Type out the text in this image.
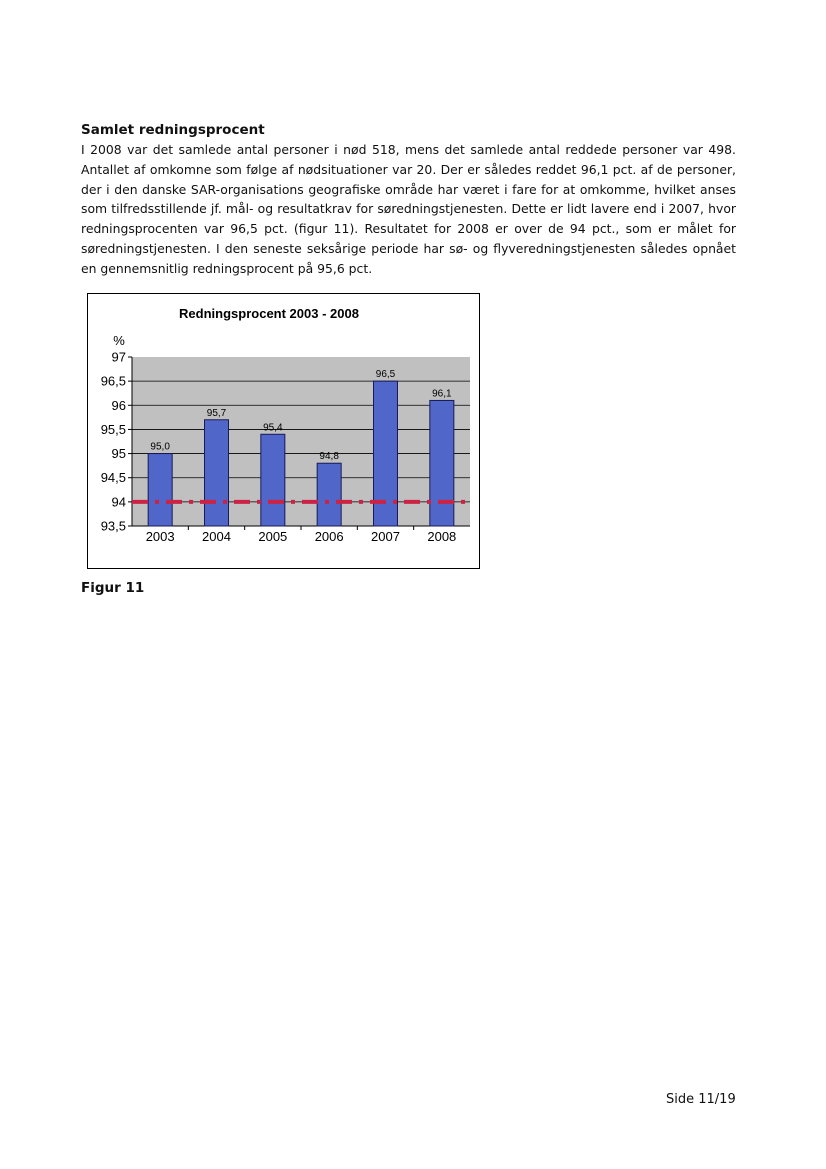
Samlet redningsprocent

I 2008 var det samlede antal personer i nød 518, mens det samlede antal reddede personer var 498. Antallet af omkomne som følge af nødsituationer var 20. Der er således reddet 96,1 pct. af de personer, der i den danske SAR-organisations geografiske område har været i fare for at omkomme, hvilket anses som tilfredsstillende jf. mål- og resultatkrav for søredningstjenesten. Dette er lidt lavere end i 2007, hvor redningsprocenten var 96,5 pct. (figur 11). Resultatet for 2008 er over de 94 pct., som er målet for søredningstjenesten. I den seneste seksårige periode har sø- og flyveredningstjenesten således opnået en gennemsnitlig redningsprocent på 95,6 pct.

93,5
94
94,5
95
95,5
96
96,5
97
95,0
2003
95,7
2004
95,4
2005
94,8
2006
96,5
2007
96,1
2008
Redningsprocent 2003 - 2008
%
Figur 11
Side 11/19
